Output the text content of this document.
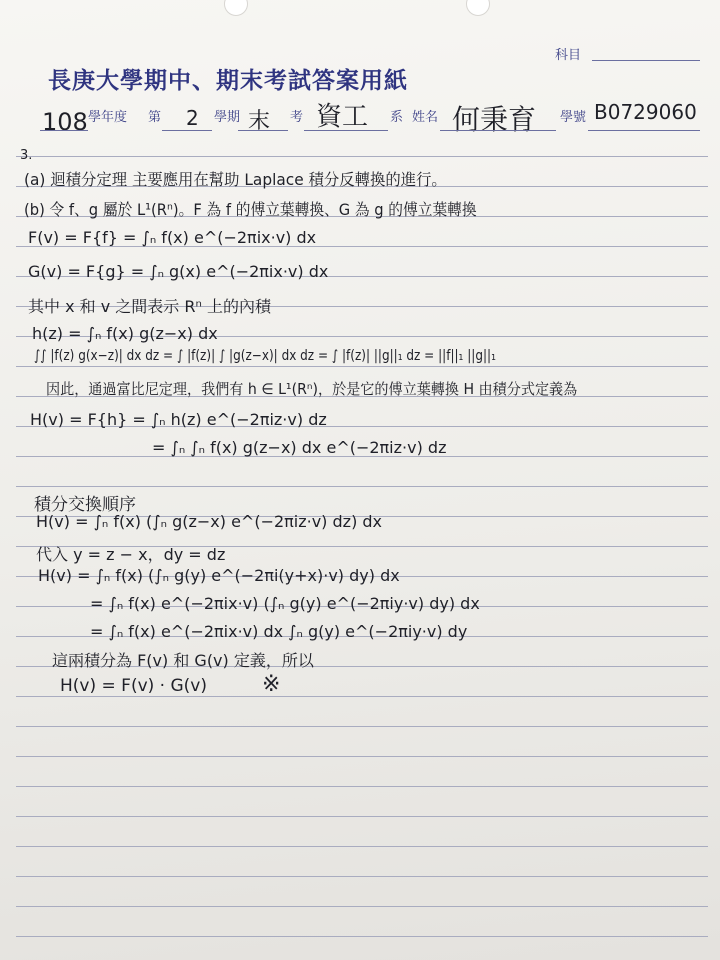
科目
長庚大學期中、期末考試答案用紙
108 學年度 第 2 學期 末 考 資工 系 姓名 何秉育 學號 B0729060
3.
(a) 迴積分定理 主要應用在幫助 Laplace 積分反轉換的進行。
(b) 令 f、g 屬於 L¹(Rⁿ)。F 為 f 的傅立葉轉換、G 為 g 的傅立葉轉換
F(v) = F{f} = ∫ₙ f(x) e^(−2πix·v) dx
G(v) = F{g} = ∫ₙ g(x) e^(−2πix·v) dx
其中 x 和 v 之間表示 Rⁿ 上的內積
h(z) = ∫ₙ f(x) g(z−x) dx
∫∫ |f(z) g(x−z)| dx dz = ∫ |f(z)| ∫ |g(z−x)| dx dz = ∫ |f(z)| ||g||₁ dz = ||f||₁ ||g||₁
因此，通過富比尼定理，我們有 h ∈ L¹(Rⁿ)，於是它的傅立葉轉換 H 由積分式定義為
H(v) = F{h} = ∫ₙ h(z) e^(−2πiz·v) dz
= ∫ₙ ∫ₙ f(x) g(z−x) dx e^(−2πiz·v) dz
積分交換順序
H(v) = ∫ₙ f(x) (∫ₙ g(z−x) e^(−2πiz·v) dz) dx
代入 y = z − x，dy = dz
H(v) = ∫ₙ f(x) (∫ₙ g(y) e^(−2πi(y+x)·v) dy) dx
= ∫ₙ f(x) e^(−2πix·v) (∫ₙ g(y) e^(−2πiy·v) dy) dx
= ∫ₙ f(x) e^(−2πix·v) dx ∫ₙ g(y) e^(−2πiy·v) dy
這兩積分為 F(v) 和 G(v) 定義，所以
H(v) = F(v) · G(v)	※
